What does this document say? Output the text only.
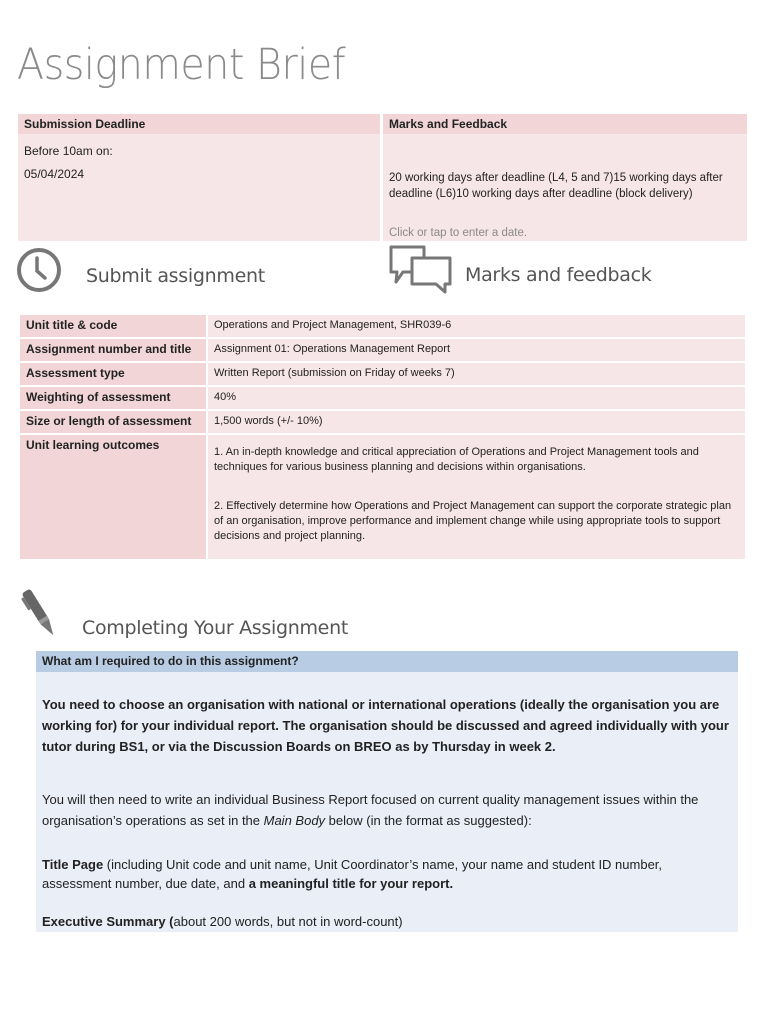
Assignment Brief
Submission Deadline	Marks and Feedback
Before 10am on:
05/04/2024	20 working days after deadline (L4, 5 and 7)15 working days after deadline (L6)10 working days after deadline (block delivery)
Click or tap to enter a date.
Submit assignment	Marks and feedback
Unit title & code	Operations and Project Management, SHR039-6
Assignment number and title	Assignment 01: Operations Management Report
Assessment type	Written Report (submission on Friday of weeks 7)
Weighting of assessment	40%
Size or length of assessment	1,500 words (+/- 10%)
Unit learning outcomes	1. An in-depth knowledge and critical appreciation of Operations and Project Management tools and techniques for various business planning and decisions within organisations.

2. Effectively determine how Operations and Project Management can support the corporate strategic plan of an organisation, improve performance and implement change while using appropriate tools to support decisions and project planning.

Completing Your Assignment
What am I required to do in this assignment?
You need to choose an organisation with national or international operations (ideally the organisation you are working for) for your individual report. The organisation should be discussed and agreed individually with your tutor during BS1, or via the Discussion Boards on BREO as by Thursday in week 2.
You will then need to write an individual Business Report focused on current quality management issues within the organisation’s operations as set in the Main Body below (in the format as suggested):
Title Page (including Unit code and unit name, Unit Coordinator’s name, your name and student ID number, assessment number, due date, and a meaningful title for your report.
Executive Summary (about 200 words, but not in word-count)
